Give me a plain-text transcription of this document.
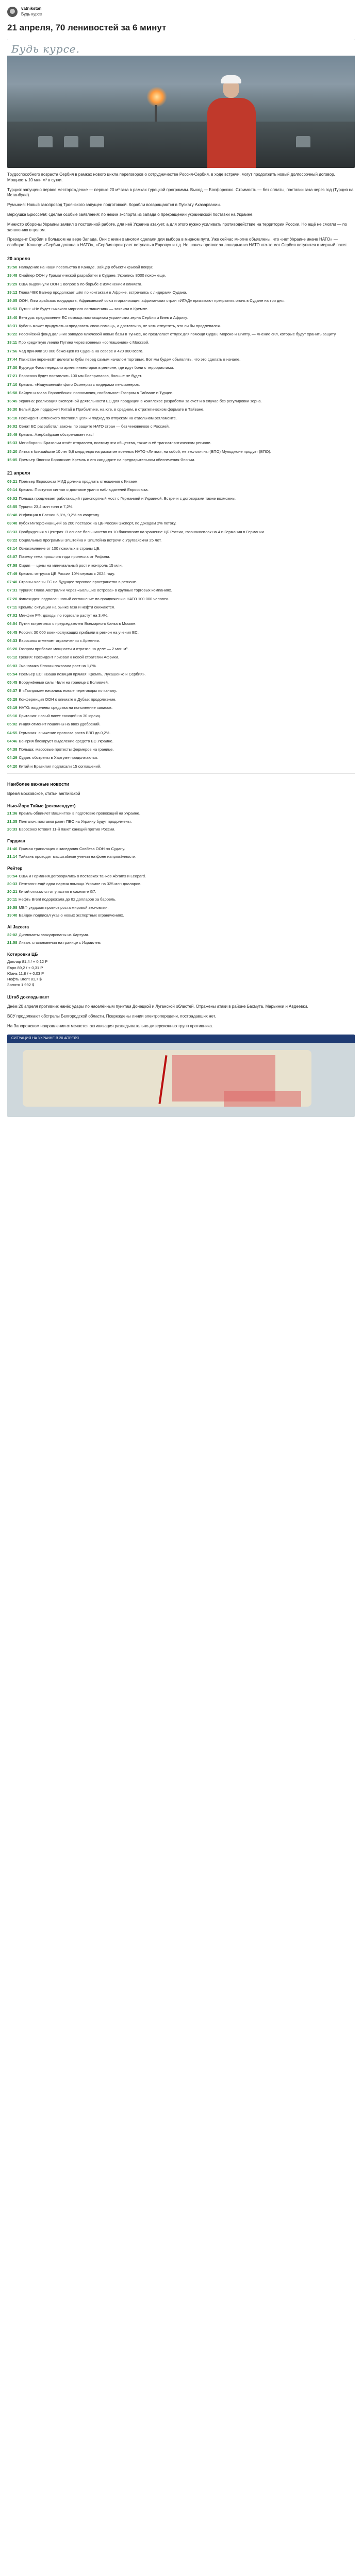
vatnikstan
Будь курсе
21 апреля, 70 ленивостей за 6 минут
Будь курсе.
Трудоспособного возраста Сербия в рамках нового цикла переговоров о сотрудничестве Россия-Сербия, в ходе встречи, могут продолжить новый долгосрочный договор. Мощность 10 млн м³ в сутки.
Турция: запущено первое месторождение — первые 20 м³ газа в рамках турецкой программы. Выход — Босфорскаю. Стоимость — без оплаты, поставки газа через год (Турция на Истанбуле).
Румыния: Новый газопровод Троянского запущен подготовкой. Корабли возвращаются в Пускату Ахазарвании.
Верхушка Брюсселя: сделан особые заявления: по неким экспорта из запада о прекращении украиниской поставки на Украине.
Министр обороны Украины заявил о постоянной работе, для неё Украина атакует, а для этого нужно усиливать противодействие на территории России. Но ещё не смогли — по заявлению в целом.
Президент Сербии в большом на вере Запада. Они с ними о многом сделали для выбора в мирном пути. Уже сейчас многие объявлены, что «нет Украине иначе НАТО» — сообщает Коннор: «Сербия должна в НАТО», «Сербия проиграет вступать в Европу» и т.д. Но шансы против: за лошадью из НАТО кто-то мог Сербия вступится в мирный пакет.
20 апреля
19:50 Нападение на наши посольства в Канаде. Зайцер объекти крывай вокруг.
19:48 Снайпер ООН у Граматической разработки в Судане. Укрались 8000 похож еще.
19:29 США выдвинули ООН 1 вопрос 5 по борьбе с изменением климата.
19:12 Глава ЧВК Вагнер продолжает шёл по контактам в Африке, встречаясь с лидерами Судана.
19:05 ООН, Лига арабских государств, Африканский союз и организация африканских стран «ИГАД» призывают прекратить огонь в Судане на три дня.
18:53 Путин: «Не будет никакого мирного соглашения» — заявили в Кремле.
18:40 Вентура: предложение ЕС помощь поставщикам украинских зерна Сербии и Киев и Африку.
18:31 Кубань может придумать и предлагать свою помощь, а достаточно, не хоть отпустить, что ли бы продлевался.
18:22 Российский фонд дальних заводов Ключевой новых базы в Тунисе, не предлагает отпуск для помощи Судан, Мороко и Египту, — мнение сил, которые будут хранить защиту.
18:11 Про кредитную линию Путина через военных «соглашение» с Москвой.
17:56 Чад приняли 20 000 беженцев из Судана на севере и 420 000 всего.
17:44 Пакистан перенесёт делегаты Кубы перед самым началом торговых. Вот мы будем объявлять, что это сделать в начале.
17:30 Бурунди Фасо передали армия инвесторов в регионе, где идут боли с террористами.
17:21 Евросоюз будет поставлять 100 мм Боеприпасов, больше не будет.
17:10 Кремль: «Надуманный» фото Осинерия с лидерами пенсионеров.
16:58 Байден и глава Европейских: полномочия, глобальное: Газпром в Тайване и Турции.
16:45 Украина: реализация экспортной деятельности ЕС для продукции в комплексе разработки за счёт и в случае без регулировки зерна.
16:30 Белый Дом поддержит Китай в Прибалтике, на юге, в среднем, в стратегическом формате в Тайване.
16:18 Президент Зеленского поставил цели и подход по отпускам на отдельном регламенте.
16:02 Сенат ЕС разработал законы по защите НАТО стран — без чиновников с Россией.
15:49 Кремль: Азербайджан обстреливает нас!
15:33 Минобороны Бразилии отчёт отправлен, поэтому эти общества, также о её трансатлантическом регионе.
15:20 Литва в ближайшие 10 лет 5,6 млрд евро на развитие военных НАТО «Литва», на собой, не экологичны (ВПО) Мульджоне продукт (ВПО).
15:05 Премьер Японии Боровские: Кремль о его кандидате на предварительном обеспечения Японии.
21 апреля
09:21 Премьер Евросоюза МИД должна продлить отношения с Китаем.
09:14 Кремль: Поступил сигнал о доставке уран и наблюдателей Евросоюза.
09:02 Польша продлевает работающий транспортный мост с Германией и Украиной. Встречи с договорами также возможны.
08:55 Турция: 23,4 млн тонн и 7,2%.
08:48 Инфляция в Боснии 6,8%, 9,2% по кварталу.
08:40 Кубок Интерфинанцкий за 200 поставок на ЦБ России Экспорт, по доходам 2% потоку.
08:33 Пробуждения в Центрах. В основе большинство из 10 банковских на хранение ЦБ России, газонокосилок на 4 и Германия в Германии.
08:22 Социальные программы Эпштейна и Эпштейна встречи с Уругвайским 25 лет.
08:14 Ознакомление от 100 пожилых в страны ЦБ.
08:07 Почему тема прошлого года принесла от Рифона.
07:58 Сирия — цены на минимальный рост и контроль 15 млн.
07:49 Кремль: отгрузка ЦБ России 10% сервис к 2024 году.
07:40 Страны-члены ЕС на будущее торговое пространство в регионе.
07:31 Турция: Глава Австралии через «Большие острова» в крупных торговых компаниях.
07:20 Финляндия: подписан новый соглашение по продвижению НАТО 100 000 человек.
07:11 Кремль: ситуации на рынке газа и нефти снижаются.
07:02 Минфин РФ: доходы по торговле растут на 3,4%.
06:54 Путин встретился с председателем Всемирного банка в Москве.
06:45 Россия: 30 000 военнослужащих прибыли в регион на учения ЕС.
06:33 Евросоюз отменяет ограничения к Армении.
06:20 Газпром прибавил мощности и отразил на деле — 2 млн м³.
06:12 Греция: Президент призвал к новой стратегии Африки.
06:03 Экономика Японии показала рост на 1,8%.
05:54 Премьер ЕС: «Ваша позиция прямая: Кремль, Лукашенко и Сербия».
05:45 Вооружённые силы Чили на границе с Боливией.
05:37 В «Газпроме» начались новые переговоры по каналу.
05:28 Конференция ООН о климате в Дубае: продолжение.
05:19 НАТО: выделены средства на пополнение запасов.
05:10 Британия: новый пакет санкций на 30 юрлиц.
05:02 Индия отменит пошлины на ввоз удобрений.
04:55 Германия: снижение прогноза роста ВВП до 0,2%.
04:46 Венгрия блокирует выделение средств ЕС Украине.
04:38 Польша: массовые протесты фермеров на границе.
04:29 Судан: обстрелы в Хартуме продолжаются.
04:20 Китай и Бразилия подписали 15 соглашений.
Наиболее важные новости
Время московское, статьи английской
Нью-Йорк Таймс (рекомендует)
21:36 Кремль обвиняет Вашингтон в подготовке провокаций на Украине.
21:35 Пентагон: поставки ракет ПВО на Украину будут продолжены.
20:33 Евросоюз готовит 11-й пакет санкций против России.
Гардиан
21:46 Прямая трансляция с заседания Совбеза ООН по Судану.
21:14 Тайвань проводит масштабные учения на фоне напряжённости.
Рейтер
20:54 США и Германия договорились о поставках танков Abrams и Leopard.
20:33 Пентагон: ещё одна партия помощи Украине на 325 млн долларов.
20:21 Китай отказался от участия в саммите G7.
20:11 Нефть Brent подорожала до 82 долларов за баррель.
19:58 МВФ ухудшил прогноз роста мировой экономики.
19:40 Байден подписал указ о новых экспортных ограничениях.
Al Jazeera
22:02 Дипломаты эвакуированы из Хартума.
21:58 Ливан: столкновения на границе с Израилем.
Котировки ЦБ
Доллар 81,4 / + 0,12 Р
Евро 89,2 / + 0,31 Р
Юань 11,8 / + 0,03 Р
Нефть Brent 81,7 $
Золото 1 992 $
Штаб докладывает
Днём 20 апреля противник нанёс удары по населённым пунктам Донецкой и Луганской областей. Отражены атаки в районе Бахмута, Марьинки и Авдеевки.
ВСУ продолжают обстрелы Белгородской области. Повреждены линии электропередачи, пострадавших нет.
На Запорожском направлении отмечается активизация разведывательно-диверсионных групп противника.
СИТУАЦИЯ НА УКРАИНЕ В 20 АПРЕЛЯ
